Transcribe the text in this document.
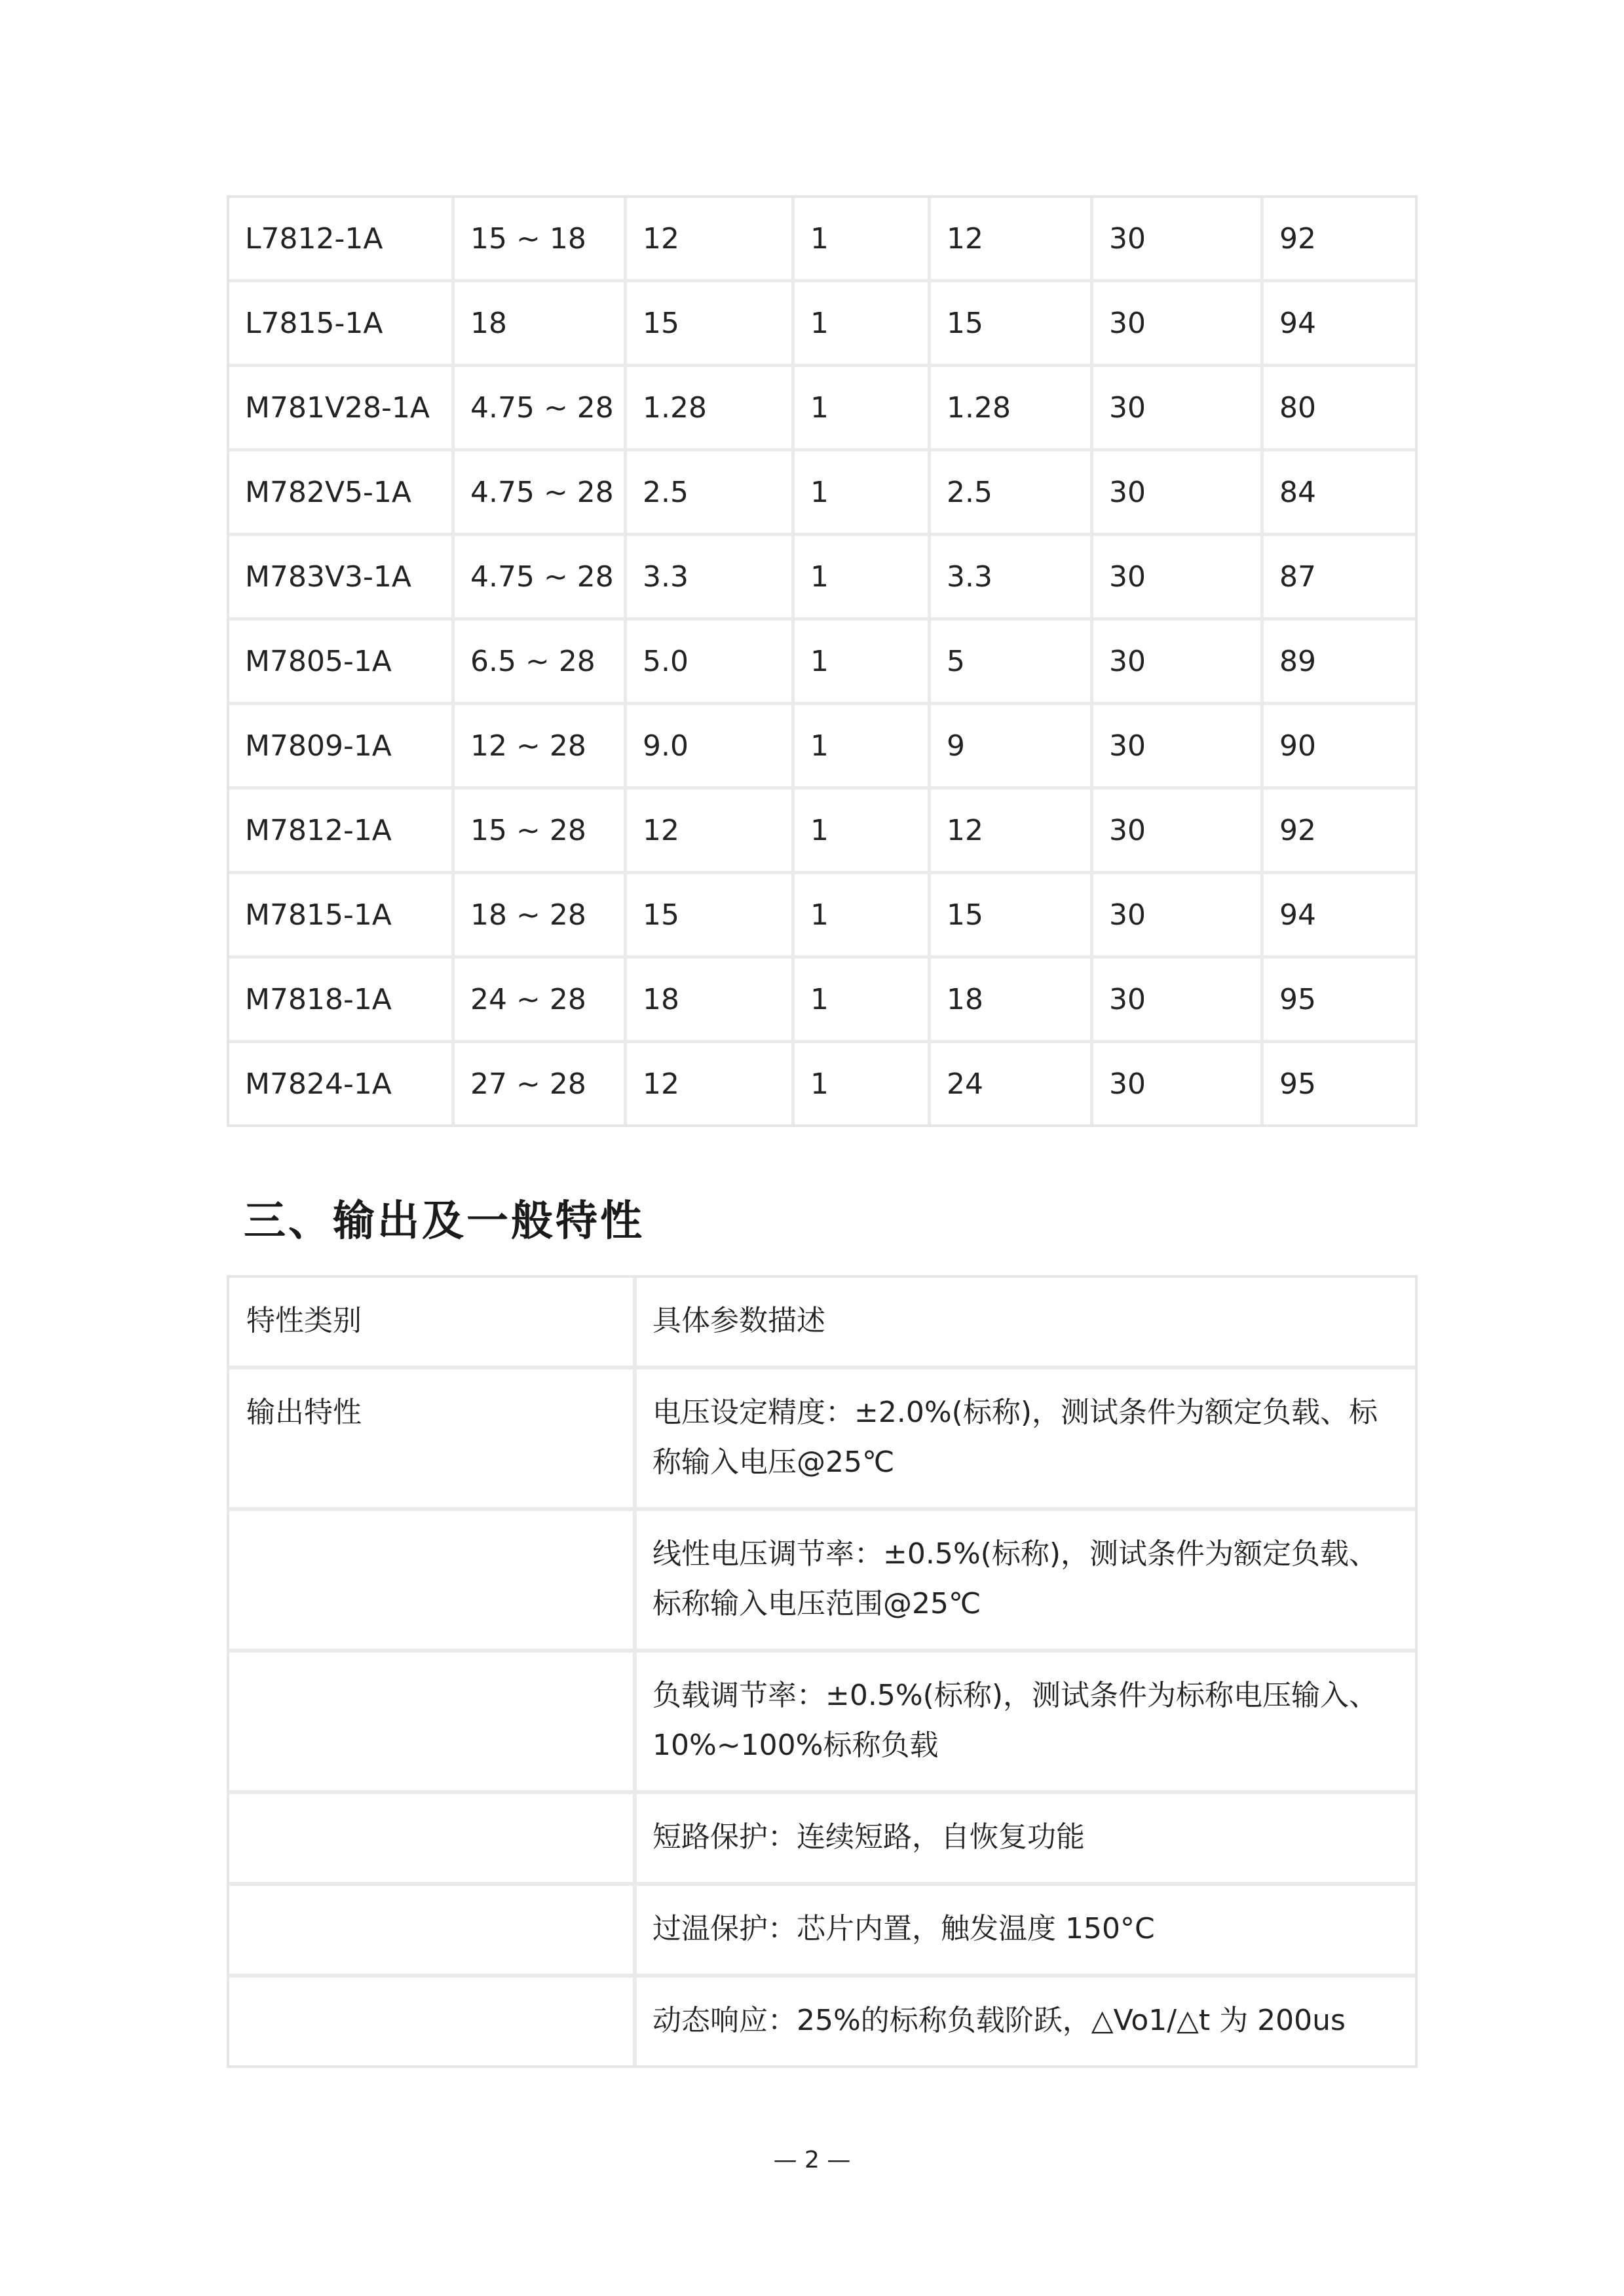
L7812-1A	15 ~ 18	12	1	12	30	92
L7815-1A	18	15	1	15	30	94
M781V28-1A	4.75 ~ 28	1.28	1	1.28	30	80
M782V5-1A	4.75 ~ 28	2.5	1	2.5	30	84
M783V3-1A	4.75 ~ 28	3.3	1	3.3	30	87
M7805-1A	6.5 ~ 28	5.0	1	5	30	89
M7809-1A	12 ~ 28	9.0	1	9	30	90
M7812-1A	15 ~ 28	12	1	12	30	92
M7815-1A	18 ~ 28	15	1	15	30	94
M7818-1A	24 ~ 28	18	1	18	30	95
M7824-1A	27 ~ 28	12	1	24	30	95
三、输出及一般特性
特性类别	具体参数描述
输出特性	电压设定精度：±2.0%(标称)，测试条件为额定负载、标称输入电压@25℃
	线性电压调节率：±0.5%(标称)，测试条件为额定负载、标称输入电压范围@25℃
	负载调节率：±0.5%(标称)，测试条件为标称电压输入、10%~100%标称负载
	短路保护：连续短路，自恢复功能
	过温保护：芯片内置，触发温度 150°C
	动态响应：25%的标称负载阶跃，△Vo1/△t 为 200us
— 2 —
